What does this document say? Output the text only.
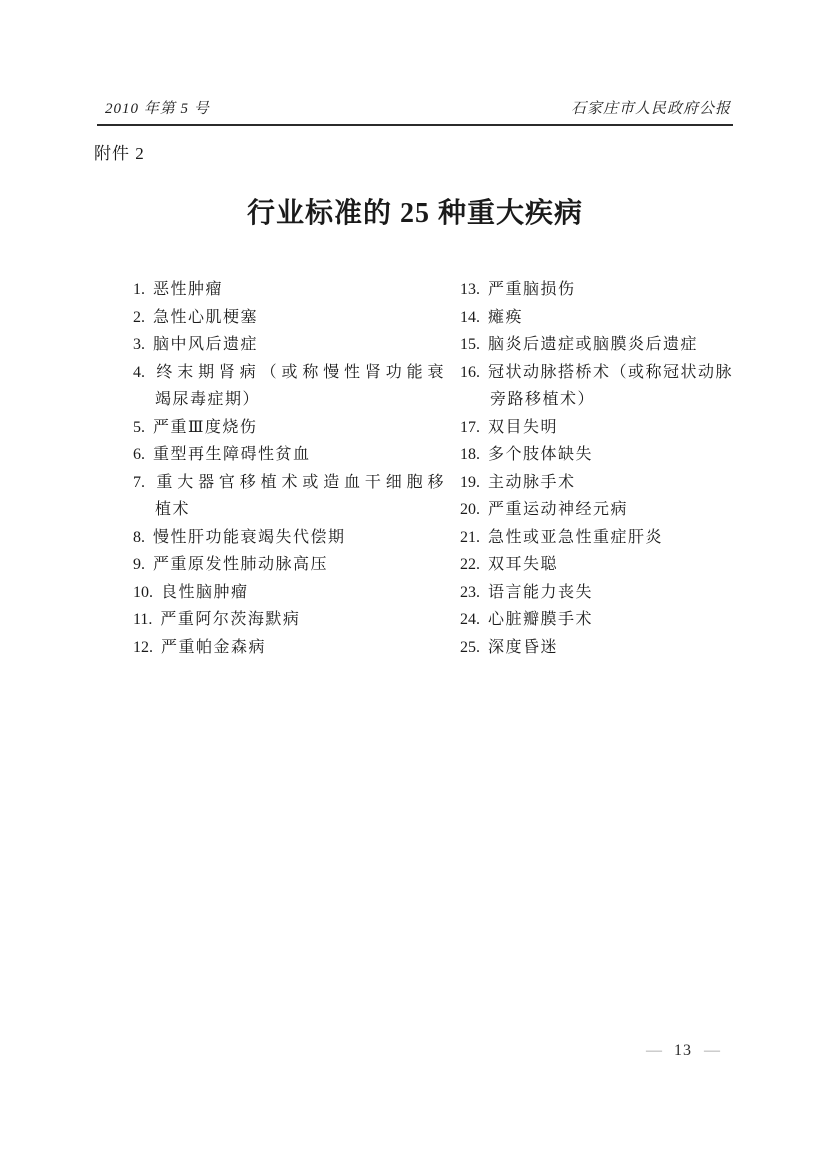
2010 年第 5 号	石家庄市人民政府公报
附件 2
行业标准的 25 种重大疾病
1. 恶性肿瘤
2. 急性心肌梗塞
3. 脑中风后遗症
4. 终末期肾病（或称慢性肾功能衰
竭尿毒症期）
5. 严重Ⅲ度烧伤
6. 重型再生障碍性贫血
7. 重大器官移植术或造血干细胞移
植术
8. 慢性肝功能衰竭失代偿期
9. 严重原发性肺动脉高压
10. 良性脑肿瘤
11. 严重阿尔茨海默病
12. 严重帕金森病
13. 严重脑损伤
14. 瘫痪
15. 脑炎后遗症或脑膜炎后遗症
16. 冠状动脉搭桥术（或称冠状动脉
旁路移植术）
17. 双目失明
18. 多个肢体缺失
19. 主动脉手术
20. 严重运动神经元病
21. 急性或亚急性重症肝炎
22. 双耳失聪
23. 语言能力丧失
24. 心脏瓣膜手术
25. 深度昏迷
— 13 —
